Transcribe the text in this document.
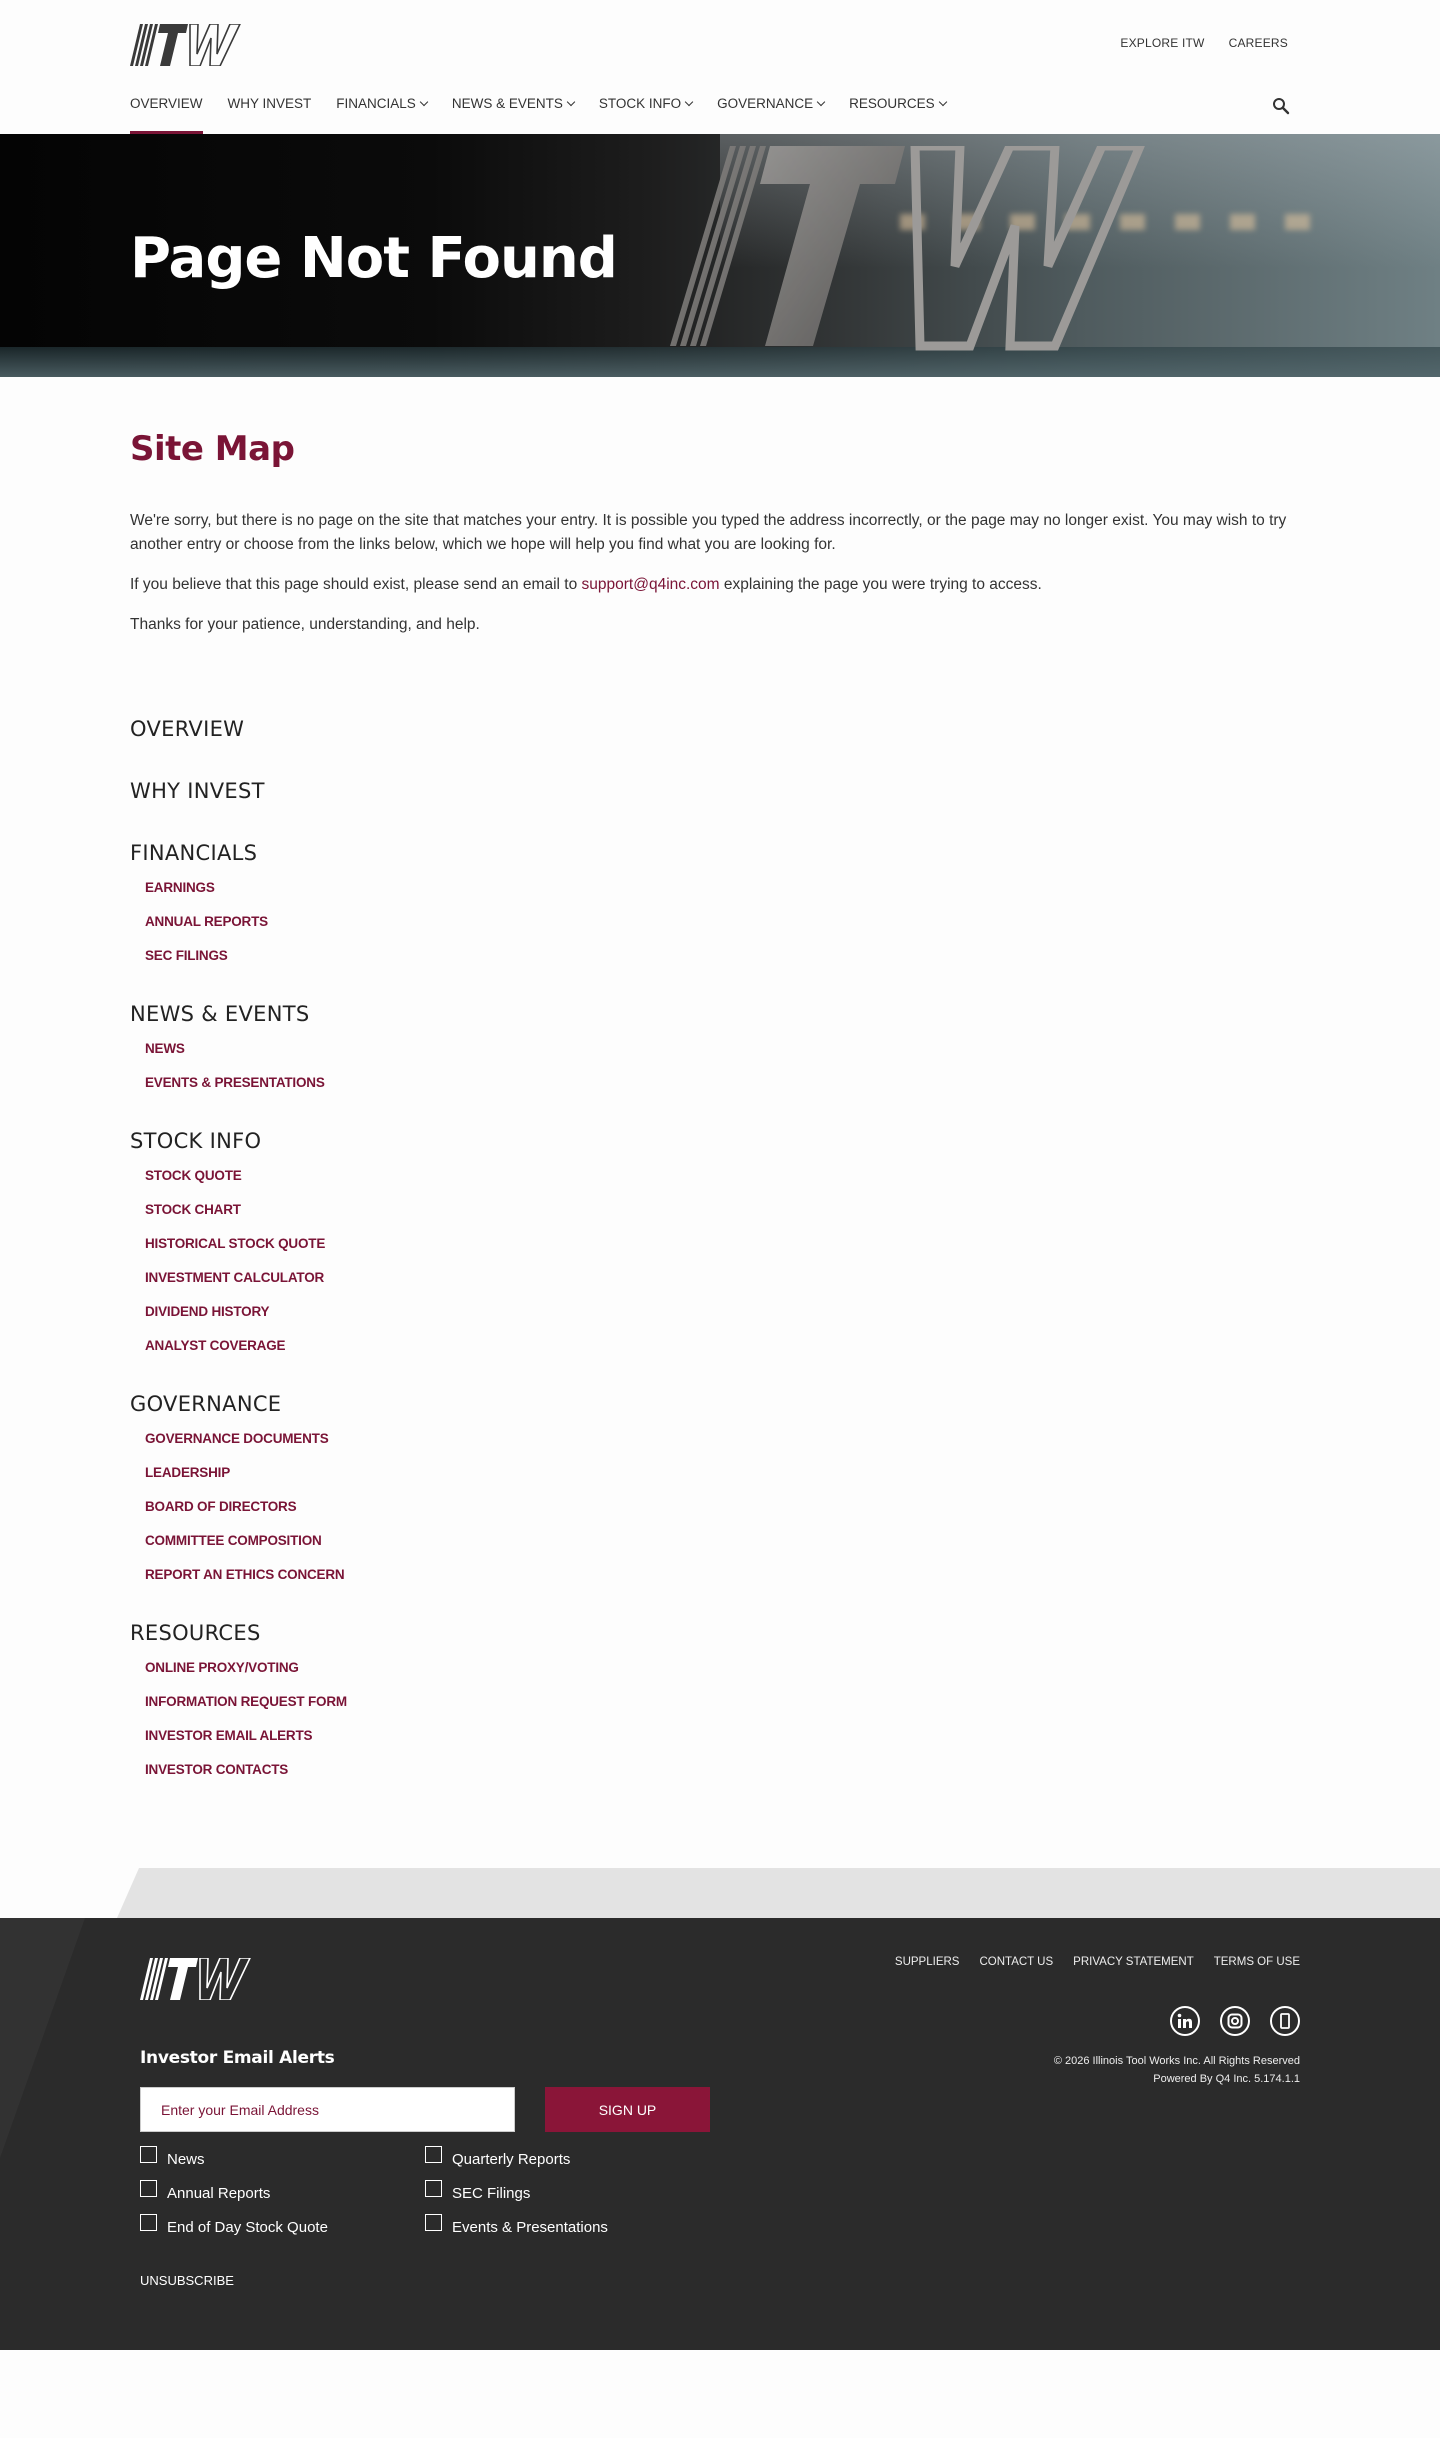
EXPLORE ITW CAREERS
OVERVIEW WHY INVEST FINANCIALS	NEWS & EVENTS	STOCK INFO	GOVERNANCE	RESOURCES
Page Not Found
Site Map

We're sorry, but there is no page on the site that matches your entry. It is possible you typed the address incorrectly, or the page may no longer exist. You may wish to try another entry or choose from the links below, which we hope will help you find what you are looking for.

If you believe that this page should exist, please send an email to support@q4inc.com explaining the page you were trying to access.

Thanks for your patience, understanding, and help.

OVERVIEW
WHY INVEST
FINANCIALS
EARNINGS
ANNUAL REPORTS
SEC FILINGS
NEWS & EVENTS
NEWS
EVENTS & PRESENTATIONS
STOCK INFO
STOCK QUOTE
STOCK CHART
HISTORICAL STOCK QUOTE
INVESTMENT CALCULATOR
DIVIDEND HISTORY
ANALYST COVERAGE
GOVERNANCE
GOVERNANCE DOCUMENTS
LEADERSHIP
BOARD OF DIRECTORS
COMMITTEE COMPOSITION
REPORT AN ETHICS CONCERN
RESOURCES
ONLINE PROXY/VOTING
INFORMATION REQUEST FORM
INVESTOR EMAIL ALERTS
INVESTOR CONTACTS
SUPPLIERS CONTACT US PRIVACY STATEMENT TERMS OF USE
© 2026 Illinois Tool Works Inc. All Rights Reserved
Powered By Q4 Inc. 5.174.1.1
Investor Email Alerts
Enter your Email Address
SIGN UP
News	Quarterly Reports
Annual Reports	SEC Filings
End of Day Stock Quote	Events & Presentations
UNSUBSCRIBE
